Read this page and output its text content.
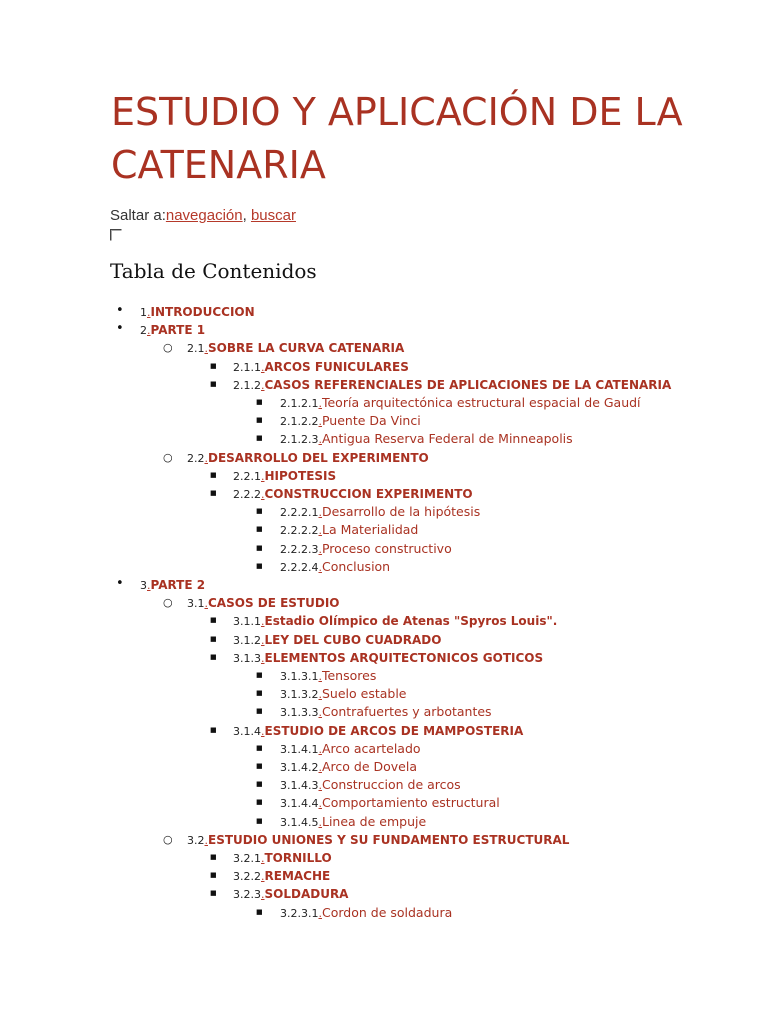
ESTUDIO Y APLICACIÓN DE LA CATENARIA
Saltar a:navegación, buscar
Tabla de Contenidos
• 1.INTRODUCCION
• 2.PARTE 1
○ 2.1.SOBRE LA CURVA CATENARIA
■ 2.1.1.ARCOS FUNICULARES
■ 2.1.2.CASOS REFERENCIALES DE APLICACIONES DE LA CATENARIA
■ 2.1.2.1.Teoría arquitectónica estructural espacial de Gaudí
■ 2.1.2.2.Puente Da Vinci
■ 2.1.2.3.Antigua Reserva Federal de Minneapolis
○ 2.2.DESARROLLO DEL EXPERIMENTO
■ 2.2.1.HIPOTESIS
■ 2.2.2.CONSTRUCCION EXPERIMENTO
■ 2.2.2.1.Desarrollo de la hipótesis
■ 2.2.2.2.La Materialidad
■ 2.2.2.3.Proceso constructivo
■ 2.2.2.4.Conclusion
• 3.PARTE 2
○ 3.1.CASOS DE ESTUDIO
■ 3.1.1.Estadio Olímpico de Atenas "Spyros Louis".
■ 3.1.2.LEY DEL CUBO CUADRADO
■ 3.1.3.ELEMENTOS ARQUITECTONICOS GOTICOS
■ 3.1.3.1.Tensores
■ 3.1.3.2.Suelo estable
■ 3.1.3.3.Contrafuertes y arbotantes
■ 3.1.4.ESTUDIO DE ARCOS DE MAMPOSTERIA
■ 3.1.4.1.Arco acartelado
■ 3.1.4.2.Arco de Dovela
■ 3.1.4.3.Construccion de arcos
■ 3.1.4.4.Comportamiento estructural
■ 3.1.4.5.Linea de empuje
○ 3.2.ESTUDIO UNIONES Y SU FUNDAMENTO ESTRUCTURAL
■ 3.2.1.TORNILLO
■ 3.2.2.REMACHE
■ 3.2.3.SOLDADURA
■ 3.2.3.1.Cordon de soldadura
